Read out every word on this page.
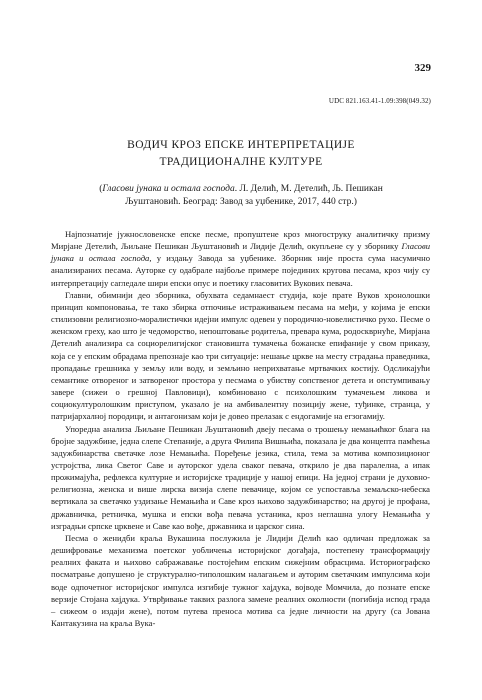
329
UDC 821.163.41-1.09:398(049.32)
ВОДИЧ КРОЗ ЕПСКЕ ИНТЕРПРЕТАЦИЈЕ
ТРАДИЦИОНАЛНЕ КУЛТУРЕ
(Гласови јунака и остала господа. Л. Делић, М. Детелић, Љ. Пешикан Љуштановић. Београд: Завод за уџбенике, 2017, 440 стр.)

Најпознатије јужнословенске епске песме, пропуштене кроз многоструку аналитичку призму Мирјане Детелић, Љиљане Пешикан Љуштановић и Лидије Делић, окупљене су у зборнику Гласови јунака и остала господа, у издању Завода за уџбенике. Зборник није проста сума насумично анализираних песама. Ауторке су одабрале најбоље примере појединих кругова песама, кроз чију су интерпретацију сагледале шири епски опус и поетику гласовитих Вукових певача.

Главни, обимнији део зборника, обухвата седамнаест студија, које прате Вуков хронолошки принцип компоновања, те тако збирка отпочиње истраживањем песама на међи, у којима је епски стилизовни религиозно-моралистички идејни импулс одевен у породично-новелистичко рухо. Песме о женском греху, као што је чедоморство, непоштовање родитеља, превара кума, родоскврнуће, Мирјана Детелић анализира са социорелигијског становишта тумачења божанске епифаније у свом приказу, која се у епским обрадама препознаје као три ситуације: нешање цркве на месту страдања праведника, пропадање грешника у земљу или воду, и земљино неприхватање мртвачких костију. Одсликајући семантике отвореног и затвореног простора у песмама о убиству сопственог детета и опстумпивању завере (сижеи о грешној Павловици), комбиновано с психолошким тумачењем ликова и социокултуролошким приступом, указало је на амбивалентну позицију жене, туђинке, странца, у патријархалној породици, и антагонизам који је довео прелазак с ендогамије на егзогамију.

Упоредна анализа Љиљане Пешикан Љуштановић двеју песама о трошењу немањићког блага на бројне задужбине, једна слепе Степаније, а друга Филипа Вишњића, показала је два концепта памћења задужбинарства светачке лозе Немањића. Поређење језика, стила, тема за мотива композиционог устројства, лика Светог Саве и ауторског удела свакоr певача, открило је два паралелна, а ипак прожимајућа, рефлекса културне и историјске традиције у нашој епици. На једној страни је духовно-религиозна, женска и више лирска визија слепе певачице, којом се успоставља земаљско-небеска вертикала за светачко уздизање Немањића и Саве кроз њихово задужбинарство; на другој је профана, државничка, ретничка, мушка и епски вођа певача устаника, кроз неглашна улогу Немањића у изградњи српске црквене и Саве као вође, државника и царског сина.

Песма о женидби краља Вукашина послужила је Лидији Делић као одличан предложак за дешифровање механизма поетског уобличења историјског догађаја, постепену трансформацију реалних факата и њихово сабражавање постојећим епским сижејним обрасцима. Историографско посматрање допушено је структурално-типолошким налагањем и ауторим светачким импулсима који воде одпочетног историјског импулса изгибије тужног хајдука, војводе Момчила, до познате епске верзије Стојана хајдука. Утврђивање таквих разлога замене реалних околности (погибија испод града – сижеом о издаји жене), потом путева преноса мотива са једне личности на другу (са Јована Кантакузина на краља Вука-
